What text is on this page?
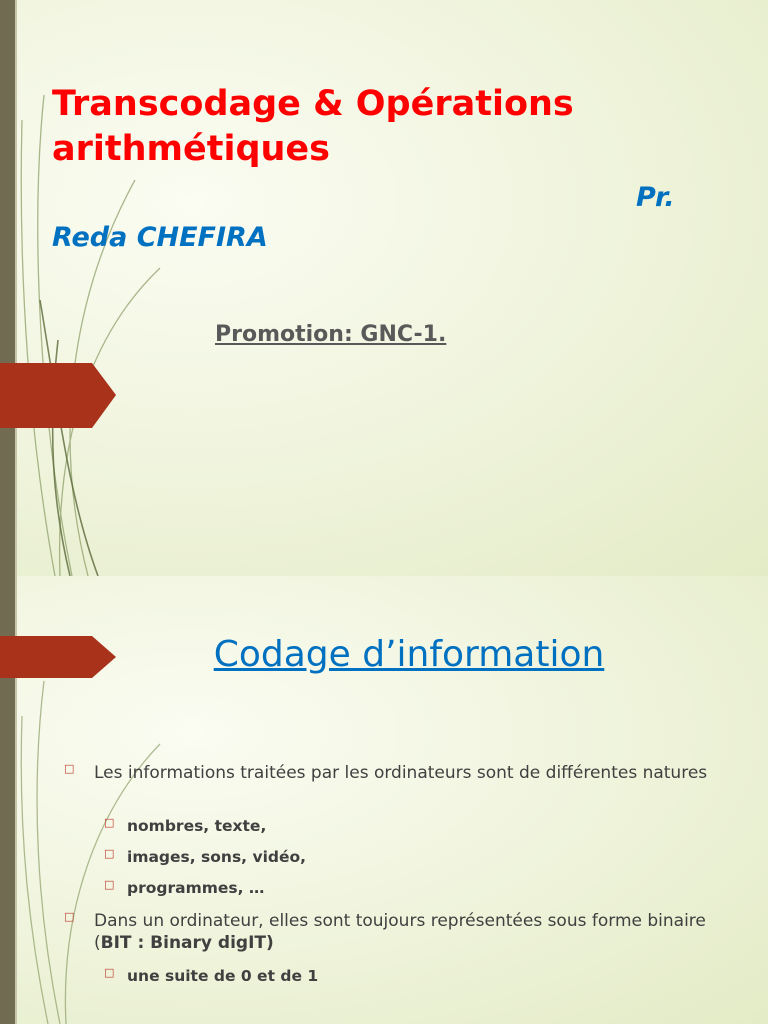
Transcodage & Opérations arithmétiques
Pr.
Reda CHEFIRA
Promotion: GNC-1.
Codage d’information
□ Les informations traitées par les ordinateurs sont de différentes natures
□ nombres, texte,
□ images, sons, vidéo,
□ programmes, …
□ Dans un ordinateur, elles sont toujours représentées sous forme binaire (BIT : Binary digIT)
□ une suite de 0 et de 1
